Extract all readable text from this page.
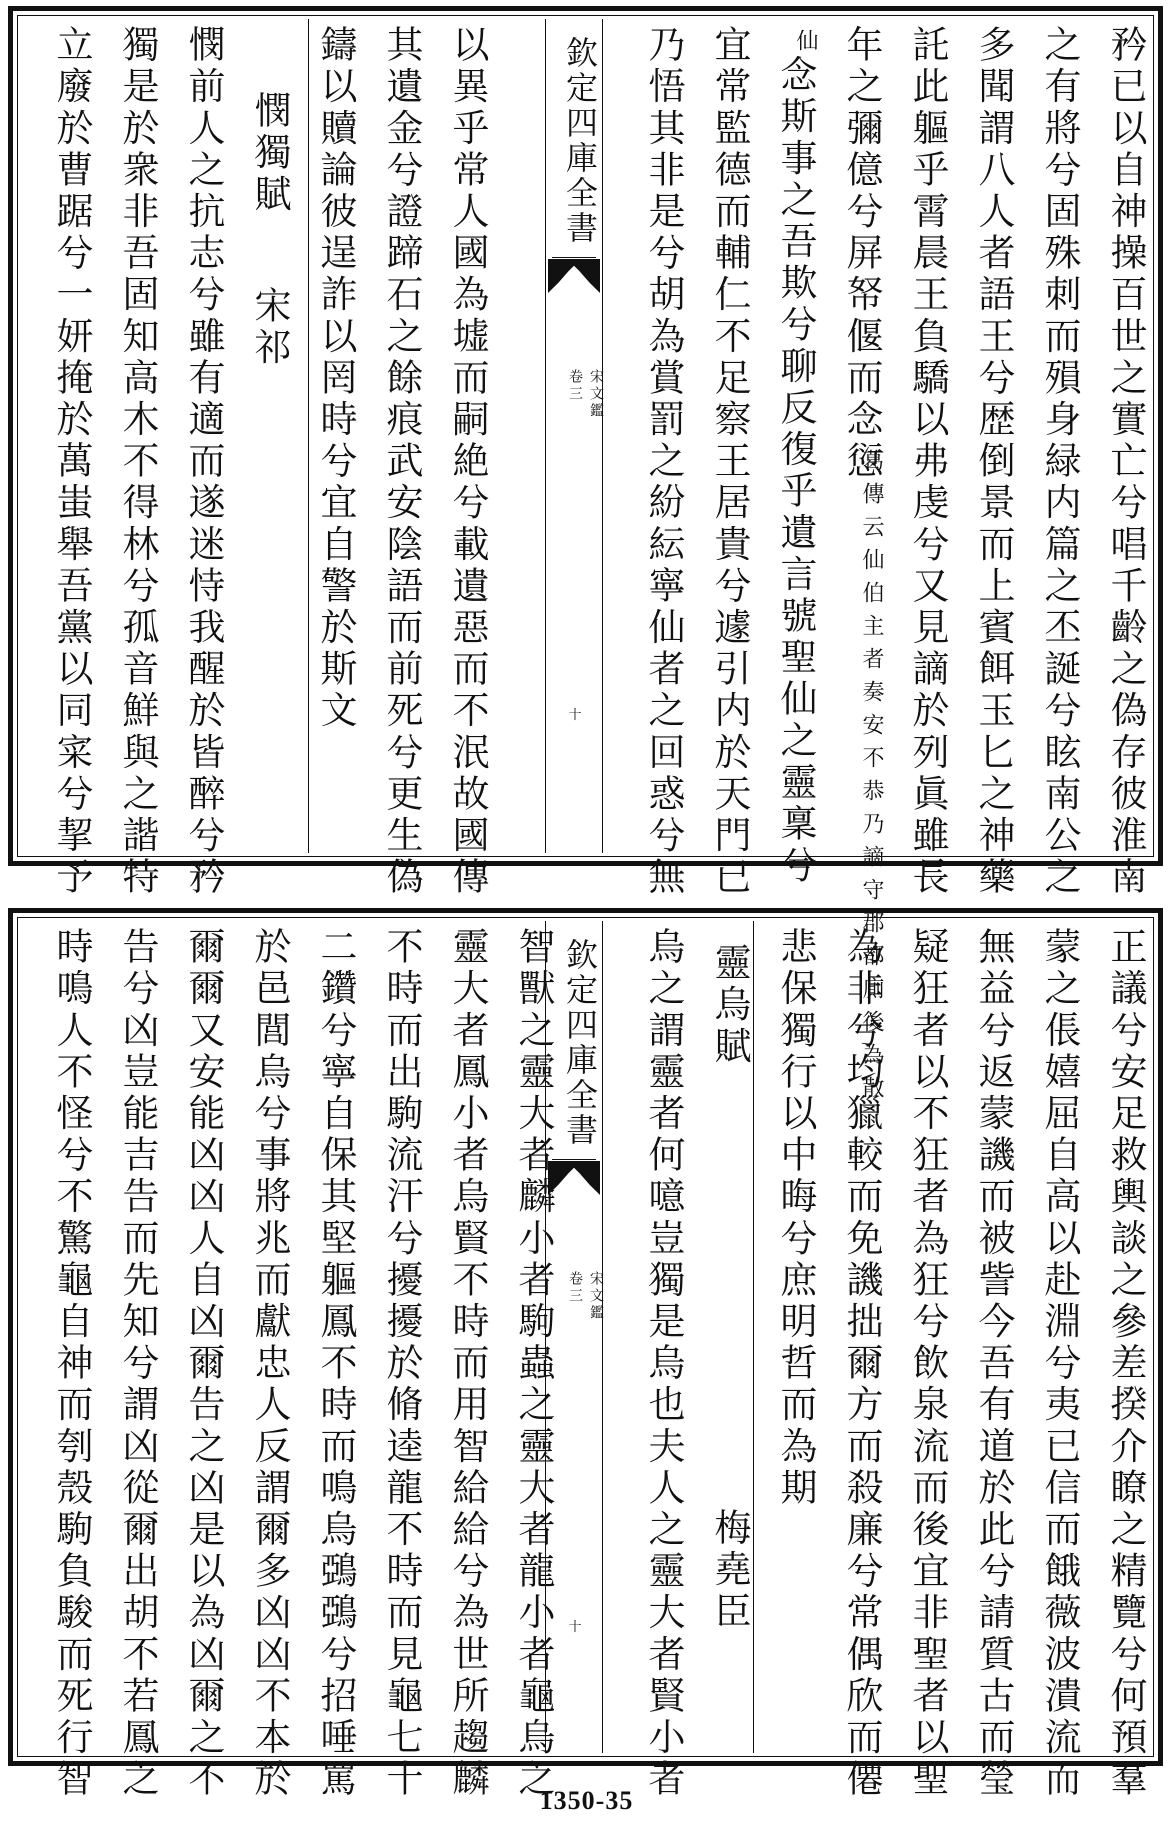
矜已以自神操百世之實亡兮唱千齡之偽存彼淮南
之有將兮固殊刺而殞身緑内篇之丕誕兮眩南公之
多聞謂八人者語王兮歴倒景而上賓餌玉匕之神藥
託此軀乎霄晨王負驕以弗虔兮又見謫於列眞雖長
年之彌億兮屏帑偃而念愆
葛傳云仙伯主者奏安不恭乃謫守郡都廁後為散
仙
念斯事之吾欺兮聊反復乎遺言號聖仙之靈稟兮
宜常監德而輔仁不足察王居貴兮遽引内於天門已
乃悟其非是兮胡為賞罰之紛紜寧仙者之回惑兮無
欽定四庫全書
宋文鑑
卷三
十
以異乎常人國為墟而嗣絶兮載遺惡而不泯故國傳
其遺金兮證蹄石之餘痕武安陰語而前死兮更生偽
鑄以贖論彼逞詐以罔時兮宜自警於斯文
憫獨賦宋祁
憫前人之抗志兮雖有適而遂迷恃我醒於皆醉兮矜
獨是於衆非吾固知高木不得林兮孤音鮮與之諧特
立廢於曹踞兮一妍掩於萬蚩舉吾黨以同寀兮挈予
正議兮安足救輿談之參差揆介瞭之精覽兮何預羣
蒙之倀嬉屈自高以赴淵兮夷已信而餓薇波潰流而
無益兮返蒙譏而被訾今吾有道於此兮請質古而瑩
疑狂者以不狂者為狂兮飲泉流而後宜非聖者以聖
為非兮均獵較而免譏拙爾方而殺廉兮常偶欣而僊
悲保獨行以中晦兮庶明哲而為期
靈烏賦梅堯臣
烏之謂靈者何噫豈獨是烏也夫人之靈大者賢小者
欽定四庫全書
宋文鑑
卷三
十
智獸之靈大者麟小者駒蟲之靈大者龍小者龜烏之
靈大者鳳小者烏賢不時而用智給給兮為世所趨麟
不時而出駒流汗兮擾擾於脩逵龍不時而見龜七十
二鑽兮寧自保其堅軀鳳不時而鳴烏鵶鵶兮招唾罵
於邑閭烏兮事將兆而獻忠人反謂爾多凶凶不本於
爾爾又安能凶凶人自凶爾告之凶是以為凶爾之不
告兮凶豈能吉告而先知兮謂凶從爾出胡不若鳳之
時鳴人不怪兮不驚龜自神而刳殼駒負駿而死行智	1350-35
